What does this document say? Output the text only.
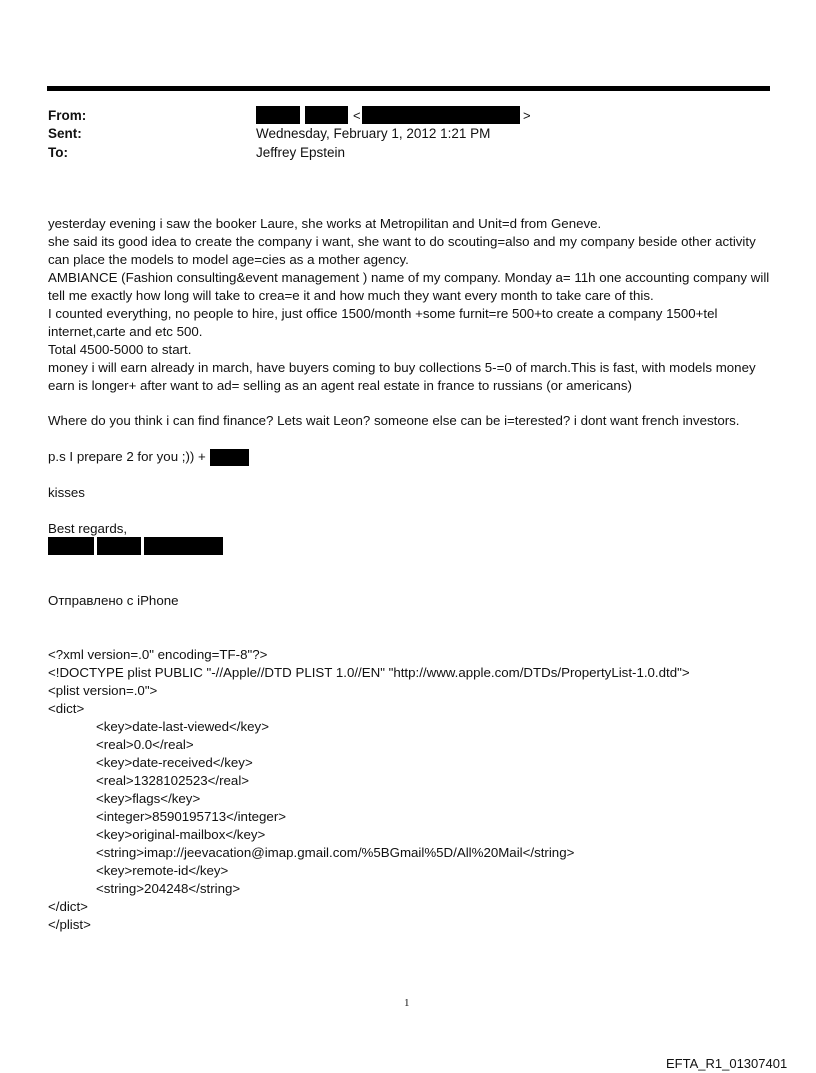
From:	<	>
Sent:	Wednesday, February 1, 2012 1:21 PM
To:	Jeffrey Epstein
yesterday evening i saw the booker Laure, she works at Metropilitan and Unit=d from Geneve.
she said its good idea to create the company i want, she want to do scouting=also and my company beside other activity can place the models to model age=cies as a mother agency.
AMBIANCE (Fashion consulting&event management ) name of my company. Monday a= 11h one accounting company will tell me exactly how long will take to crea=e it and how much they want every month to take care of this.
I counted everything, no people to hire, just office 1500/month +some furnit=re 500+to create a company 1500+tel internet,carte and etc 500.
Total 4500-5000 to start.
money i will earn already in march, have buyers coming to buy collections 5-=0 of march.This is fast, with models money earn is longer+ after want to ad= selling as an agent real estate in france to russians (or americans)
Where do you think i can find finance? Lets wait Leon? someone else can be i=terested? i dont want french investors.
p.s I prepare 2 for you ;)) +
kisses
Best regards,
Отправлено с iPhone
<?xml version=.0" encoding=TF-8"?>
<!DOCTYPE plist PUBLIC "-//Apple//DTD PLIST 1.0//EN" "http://www.apple.com/DTDs/PropertyList-1.0.dtd">
<plist version=.0">
<dict>
<key>date-last-viewed</key>
<real>0.0</real>
<key>date-received</key>
<real>1328102523</real>
<key>flags</key>
<integer>8590195713</integer>
<key>original-mailbox</key>
<string>imap://jeevacation@imap.gmail.com/%5BGmail%5D/All%20Mail</string>
<key>remote-id</key>
<string>204248</string>
</dict>
</plist>
1
EFTA_R1_01307401
